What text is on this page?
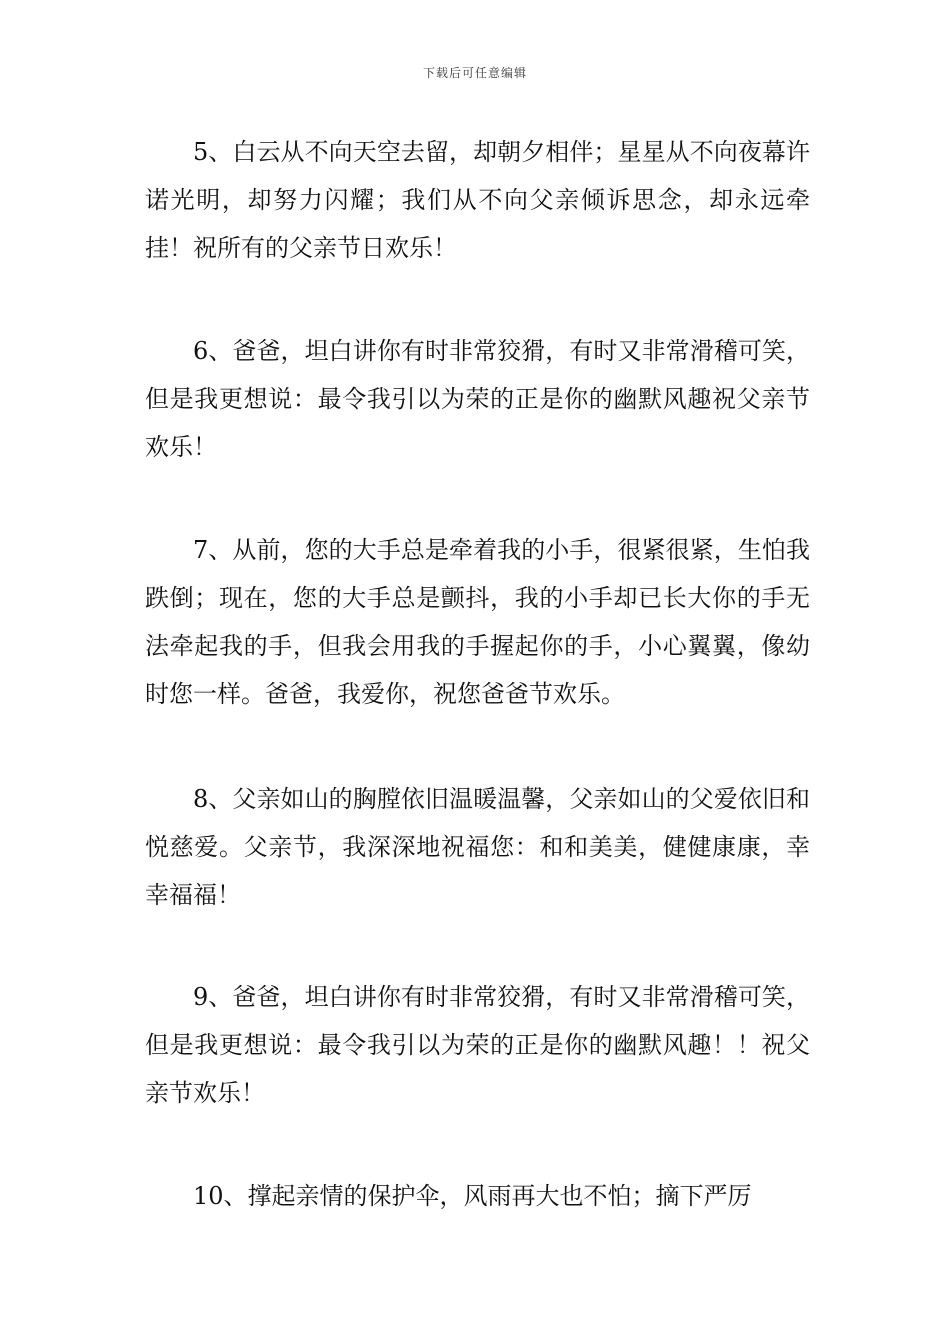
下载后可任意编辑

5、白云从不向天空去留，却朝夕相伴；星星从不向夜幕许诺光明，却努力闪耀；我们从不向父亲倾诉思念，却永远牵挂！祝所有的父亲节日欢乐！

6、爸爸，坦白讲你有时非常狡猾，有时又非常滑稽可笑，但是我更想说：最令我引以为荣的正是你的幽默风趣祝父亲节欢乐！

7、从前，您的大手总是牵着我的小手，很紧很紧，生怕我跌倒；现在，您的大手总是颤抖，我的小手却已长大你的手无法牵起我的手，但我会用我的手握起你的手，小心翼翼，像幼时您一样。爸爸，我爱你，祝您爸爸节欢乐。

8、父亲如山的胸膛依旧温暖温馨，父亲如山的父爱依旧和悦慈爱。父亲节，我深深地祝福您：和和美美，健健康康，幸幸福福！

9、爸爸，坦白讲你有时非常狡猾，有时又非常滑稽可笑，但是我更想说：最令我引以为荣的正是你的幽默风趣！！祝父亲节欢乐！

10、撑起亲情的保护伞，风雨再大也不怕；摘下严厉
